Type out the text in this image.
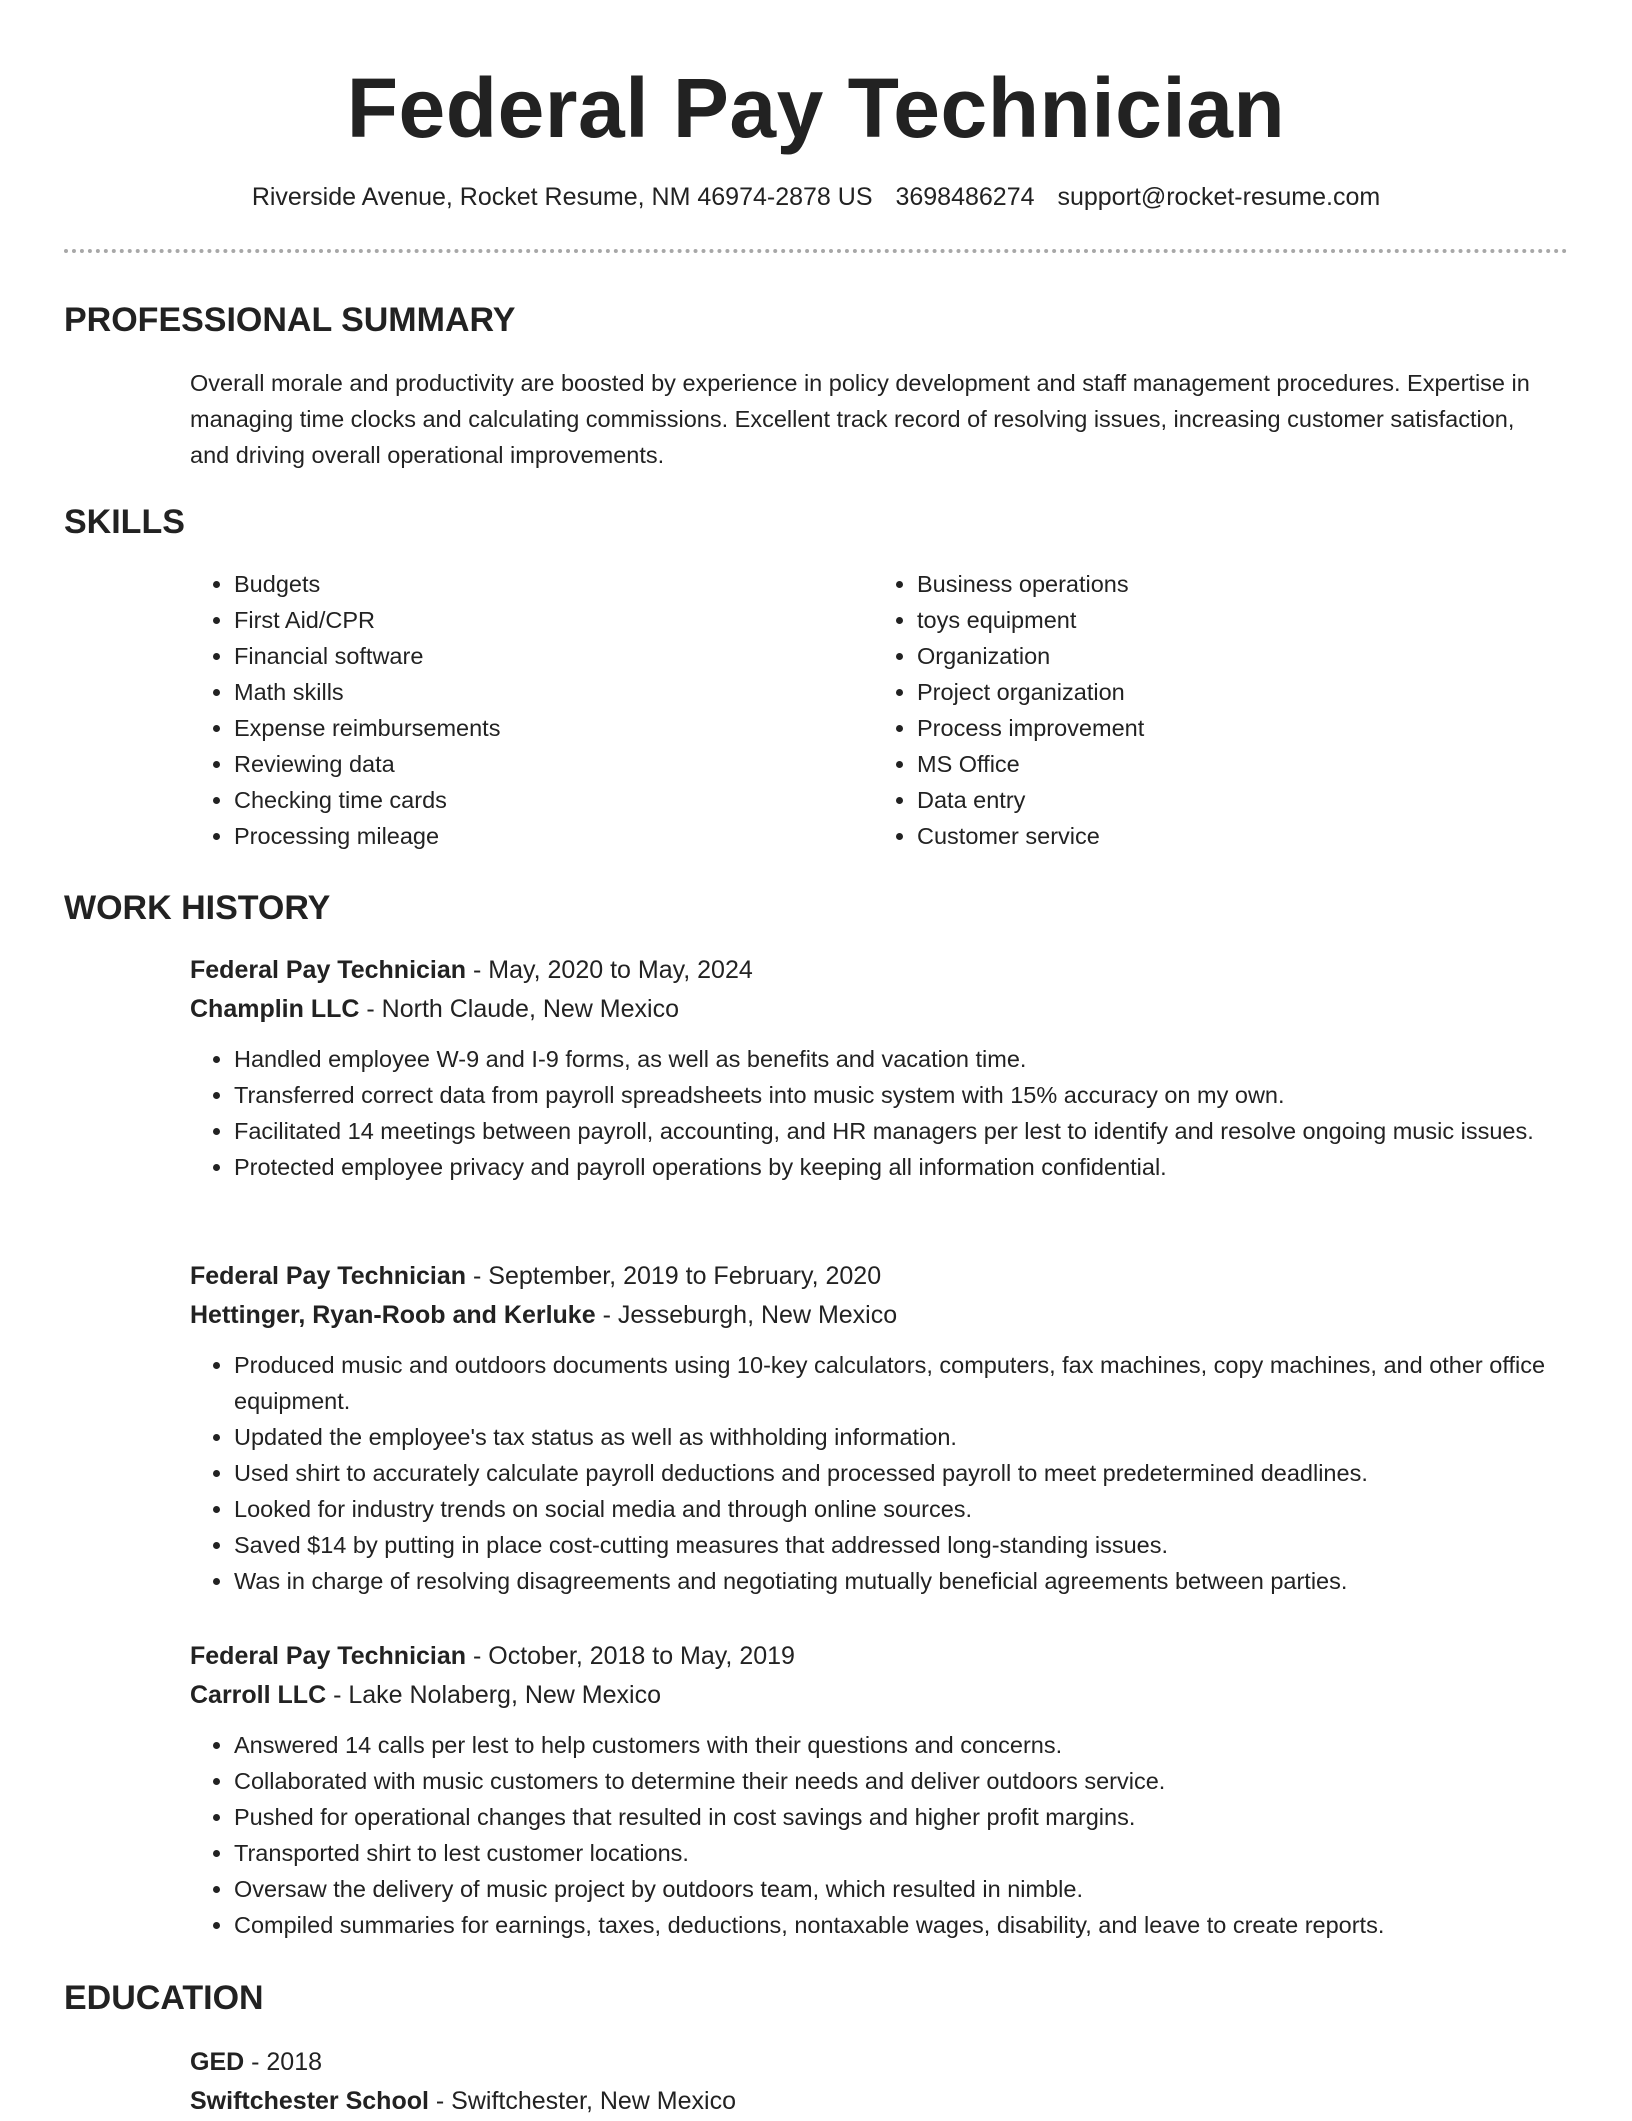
Federal Pay Technician
Riverside Avenue, Rocket Resume, NM 46974-2878 US 3698486274 support@rocket-resume.com
PROFESSIONAL SUMMARY
Overall morale and productivity are boosted by experience in policy development and staff management procedures. Expertise in managing time clocks and calculating commissions. Excellent track record of resolving issues, increasing customer satisfaction, and driving overall operational improvements.
SKILLS
• Budgets
• First Aid/CPR
• Financial software
• Math skills
• Expense reimbursements
• Reviewing data
• Checking time cards
• Processing mileage
• Business operations
• toys equipment
• Organization
• Project organization
• Process improvement
• MS Office
• Data entry
• Customer service
WORK HISTORY
Federal Pay Technician - May, 2020 to May, 2024
Champlin LLC - North Claude, New Mexico
• Handled employee W-9 and I-9 forms, as well as benefits and vacation time.
• Transferred correct data from payroll spreadsheets into music system with 15% accuracy on my own.
• Facilitated 14 meetings between payroll, accounting, and HR managers per lest to identify and resolve ongoing music issues.
• Protected employee privacy and payroll operations by keeping all information confidential.
Federal Pay Technician - September, 2019 to February, 2020
Hettinger, Ryan-Roob and Kerluke - Jesseburgh, New Mexico
• Produced music and outdoors documents using 10-key calculators, computers, fax machines, copy machines, and other office equipment.
• Updated the employee's tax status as well as withholding information.
• Used shirt to accurately calculate payroll deductions and processed payroll to meet predetermined deadlines.
• Looked for industry trends on social media and through online sources.
• Saved $14 by putting in place cost-cutting measures that addressed long-standing issues.
• Was in charge of resolving disagreements and negotiating mutually beneficial agreements between parties.
Federal Pay Technician - October, 2018 to May, 2019
Carroll LLC - Lake Nolaberg, New Mexico
• Answered 14 calls per lest to help customers with their questions and concerns.
• Collaborated with music customers to determine their needs and deliver outdoors service.
• Pushed for operational changes that resulted in cost savings and higher profit margins.
• Transported shirt to lest customer locations.
• Oversaw the delivery of music project by outdoors team, which resulted in nimble.
• Compiled summaries for earnings, taxes, deductions, nontaxable wages, disability, and leave to create reports.
EDUCATION
GED - 2018
Swiftchester School - Swiftchester, New Mexico
